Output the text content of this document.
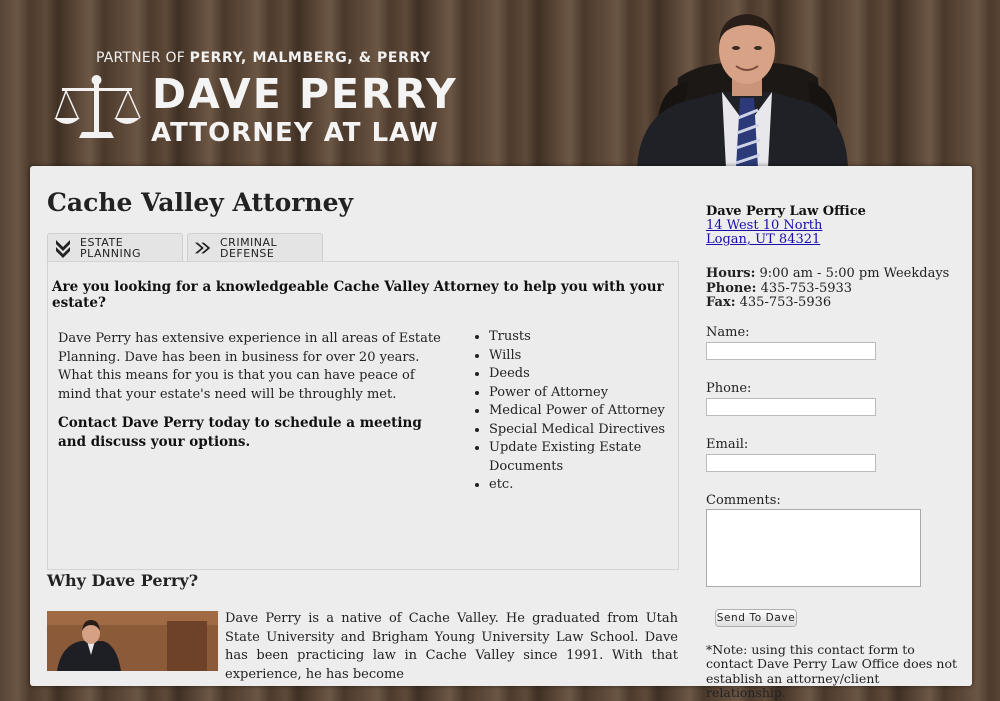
PARTNER OF PERRY, MALMBERG, & PERRY
DAVE PERRY
ATTORNEY AT LAW
Cache Valley Attorney
ESTATE
PLANNING
CRIMINAL
DEFENSE

Are you looking for a knowledgeable Cache Valley Attorney to help you with your estate?

Dave Perry has extensive experience in all areas of Estate Planning. Dave has been in business for over 20 years. What this means for you is that you can have peace of mind that your estate's need will be throughly met.

Contact Dave Perry today to schedule a meeting and discuss your options.

• Trusts
• Wills
• Deeds
• Power of Attorney
• Medical Power of Attorney
• Special Medical Directives
• Update Existing Estate Documents
• etc.
Why Dave Perry?

Dave Perry is a native of Cache Valley. He graduated from Utah State University and Brigham Young University Law School. Dave has been practicing law in Cache Valley since 1991. With that experience, he has become

Dave Perry Law Office
14 West 10 North
Logan, UT 84321
Hours: 9:00 am - 5:00 pm Weekdays
Phone: 435-753-5933
Fax: 435-753-5936
Name:
Phone:
Email:
Comments:
Send To Dave

*Note: using this contact form to contact Dave Perry Law Office does not establish an attorney/client relationship.
